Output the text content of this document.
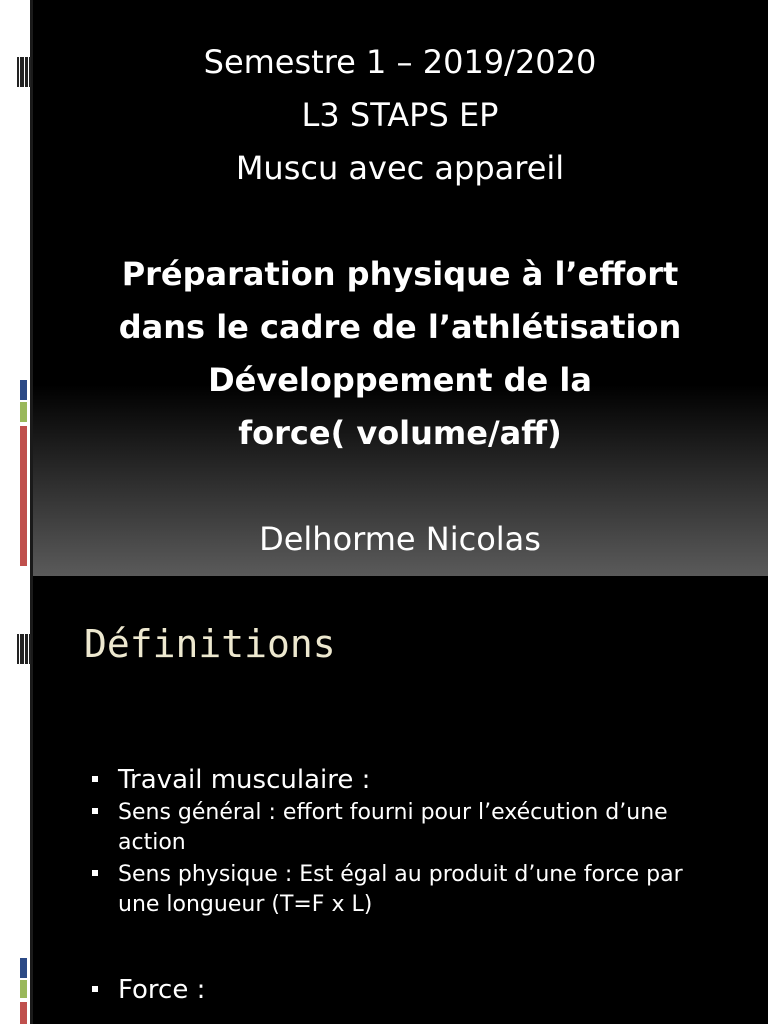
Semestre 1 – 2019/2020
L3 STAPS EP
Muscu avec appareil
Préparation physique à l’effort
dans le cadre de l’athlétisation
Développement de la
force( volume/aff)
Delhorme Nicolas
Définitions
Travail musculaire :
Sens général : effort fourni pour l’exécution d’une action
Sens physique : Est égal au produit d’une force par une longueur (T=F x L)
Force :
